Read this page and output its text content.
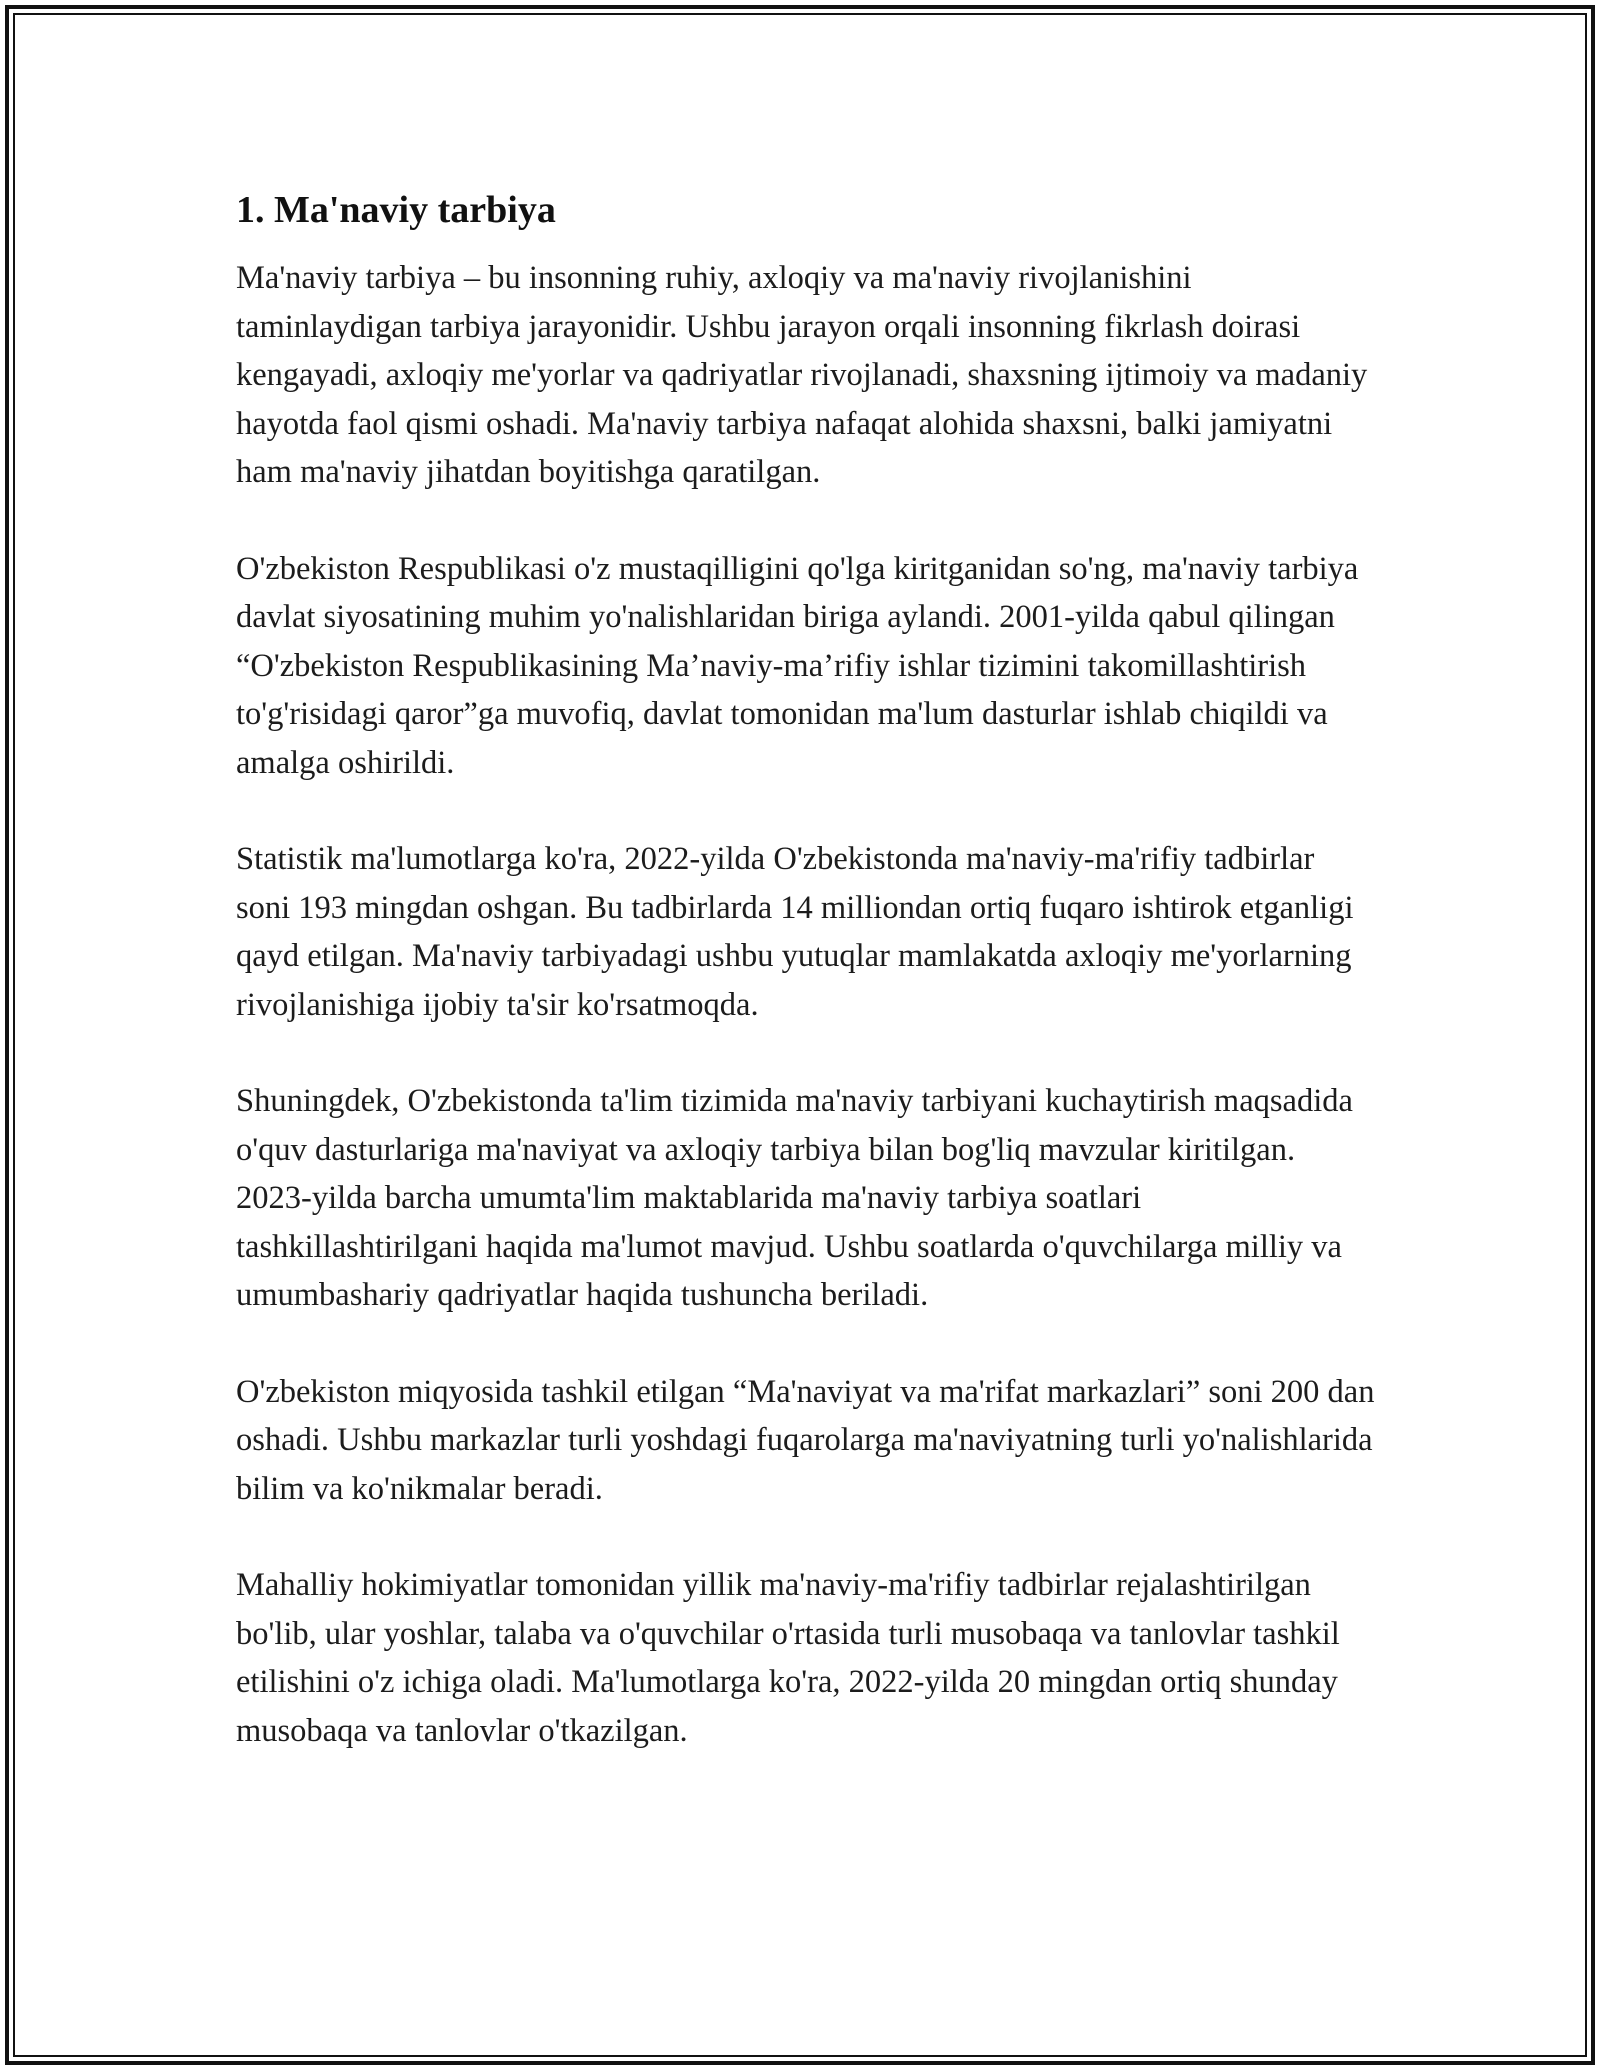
1. Ma'naviy tarbiya

Ma'naviy tarbiya – bu insonning ruhiy, axloqiy va ma'naviy rivojlanishini taminlaydigan tarbiya jarayonidir. Ushbu jarayon orqali insonning fikrlash doirasi kengayadi, axloqiy me'yorlar va qadriyatlar rivojlanadi, shaxsning ijtimoiy va madaniy hayotda faol qismi oshadi. Ma'naviy tarbiya nafaqat alohida shaxsni, balki jamiyatni ham ma'naviy jihatdan boyitishga qaratilgan.

O'zbekiston Respublikasi o'z mustaqilligini qo'lga kiritganidan so'ng, ma'naviy tarbiya davlat siyosatining muhim yo'nalishlaridan biriga aylandi. 2001-yilda qabul qilingan “O'zbekiston Respublikasining Ma’naviy-ma’rifiy ishlar tizimini takomillashtirish to'g'risidagi qaror”ga muvofiq, davlat tomonidan ma'lum dasturlar ishlab chiqildi va amalga oshirildi.

Statistik ma'lumotlarga ko'ra, 2022-yilda O'zbekistonda ma'naviy-ma'rifiy tadbirlar soni 193 mingdan oshgan. Bu tadbirlarda 14 milliondan ortiq fuqaro ishtirok etganligi qayd etilgan. Ma'naviy tarbiyadagi ushbu yutuqlar mamlakatda axloqiy me'yorlarning rivojlanishiga ijobiy ta'sir ko'rsatmoqda.

Shuningdek, O'zbekistonda ta'lim tizimida ma'naviy tarbiyani kuchaytirish maqsadida o'quv dasturlariga ma'naviyat va axloqiy tarbiya bilan bog'liq mavzular kiritilgan. 2023-yilda barcha umumta'lim maktablarida ma'naviy tarbiya soatlari tashkillashtirilgani haqida ma'lumot mavjud. Ushbu soatlarda o'quvchilarga milliy va umumbashariy qadriyatlar haqida tushuncha beriladi.

O'zbekiston miqyosida tashkil etilgan “Ma'naviyat va ma'rifat markazlari” soni 200 dan oshadi. Ushbu markazlar turli yoshdagi fuqarolarga ma'naviyatning turli yo'nalishlarida bilim va ko'nikmalar beradi.

Mahalliy hokimiyatlar tomonidan yillik ma'naviy-ma'rifiy tadbirlar rejalashtirilgan bo'lib, ular yoshlar, talaba va o'quvchilar o'rtasida turli musobaqa va tanlovlar tashkil etilishini o'z ichiga oladi. Ma'lumotlarga ko'ra, 2022-yilda 20 mingdan ortiq shunday musobaqa va tanlovlar o'tkazilgan.
